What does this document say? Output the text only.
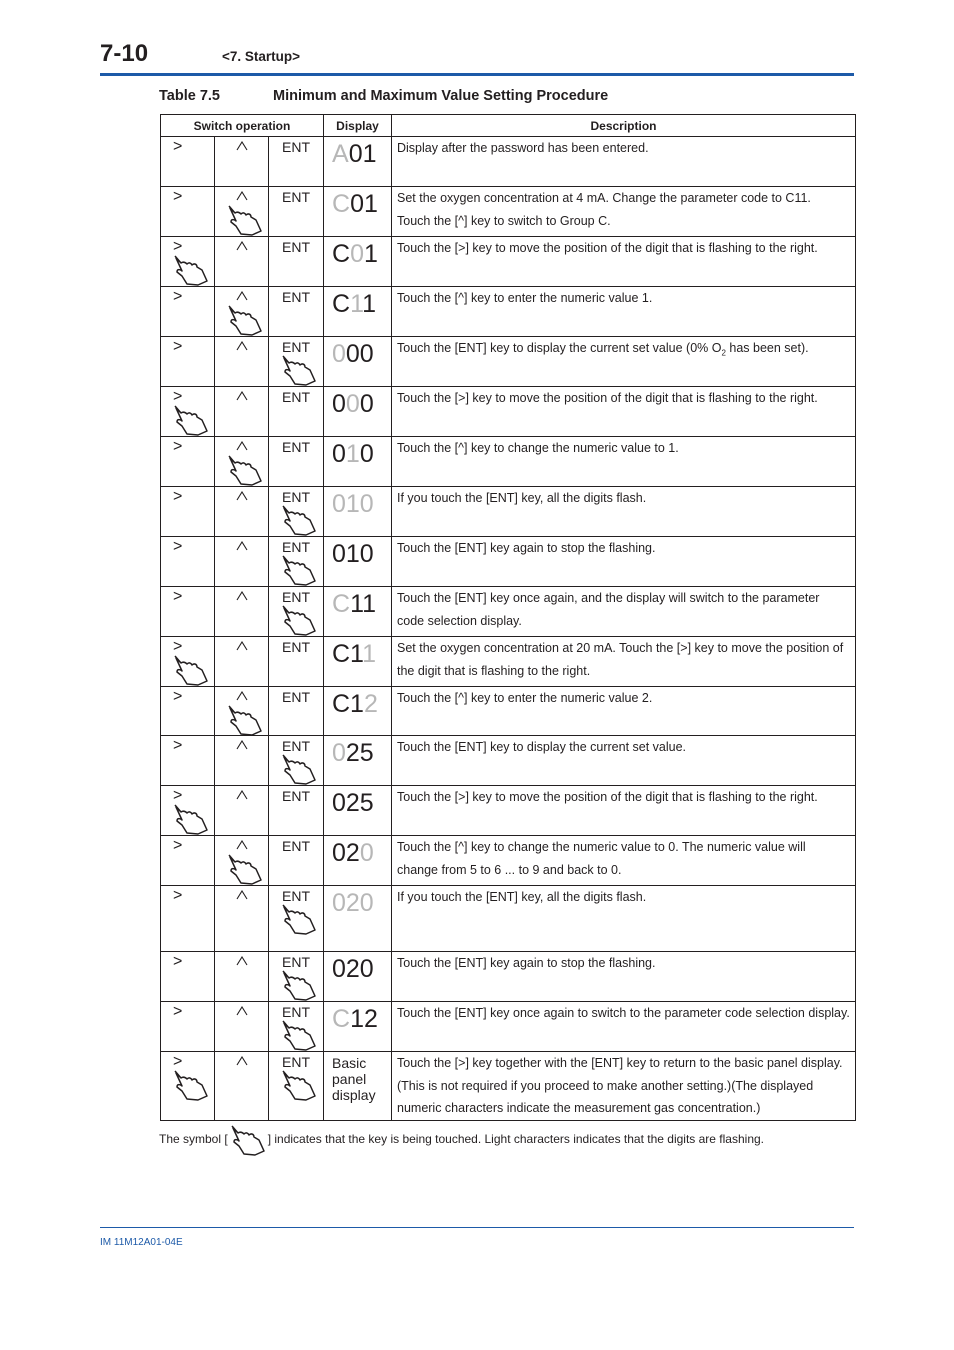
7-10	<7. Startup>
Table 7.5	Minimum and Maximum Value Setting Procedure
Switch operation			Display	Description

>		ENT	A01	Display after the password has been entered.

>		ENT	C01	Set the oxygen concentration at 4 mA. Change the parameter code to C11.
Touch the [^] key to switch to Group C.

>		ENT	C01	Touch the [>] key to move the position of the digit that is flashing to the right.

>		ENT	C11	Touch the [^] key to enter the numeric value 1.

>		ENT	000	Touch the [ENT] key to display the current set value (0% $O_2$ has been set).

>		ENT	000	Touch the [>] key to move the position of the digit that is flashing to the right.

>		ENT	010	Touch the [^] key to change the numeric value to 1.

>		ENT	010	If you touch the [ENT] key, all the digits flash.

>		ENT	010	Touch the [ENT] key again to stop the flashing.

>		ENT	C11	Touch the [ENT] key once again, and the display will switch to the parameter code selection display.

>		ENT	C11	Set the oxygen concentration at 20 mA. Touch the [>] key to move the position of the digit that is flashing to the right.

>		ENT	C12	Touch the [^] key to enter the numeric value 2.

>		ENT	025	Touch the [ENT] key to display the current set value.

>		ENT	025	Touch the [>] key to move the position of the digit that is flashing to the right.

>		ENT	020	Touch the [^] key to change the numeric value to 0. The numeric value will change from 5 to 6 ... to 9 and back to 0.

>		ENT	020	If you touch the [ENT] key, all the digits flash.

>		ENT	020	Touch the [ENT] key again to stop the flashing.

>		ENT	C12	Touch the [ENT] key once again to switch to the parameter code selection display.

>		ENT	Basic panel display	Touch the [>] key together with the [ENT] key to return to the basic panel display. (This is not required if you proceed to make another setting.)(The displayed numeric characters indicate the measurement gas concentration.)
The symbol [	] indicates that the key is being touched. Light characters indicates that the digits are flashing.
IM 11M12A01-04E
